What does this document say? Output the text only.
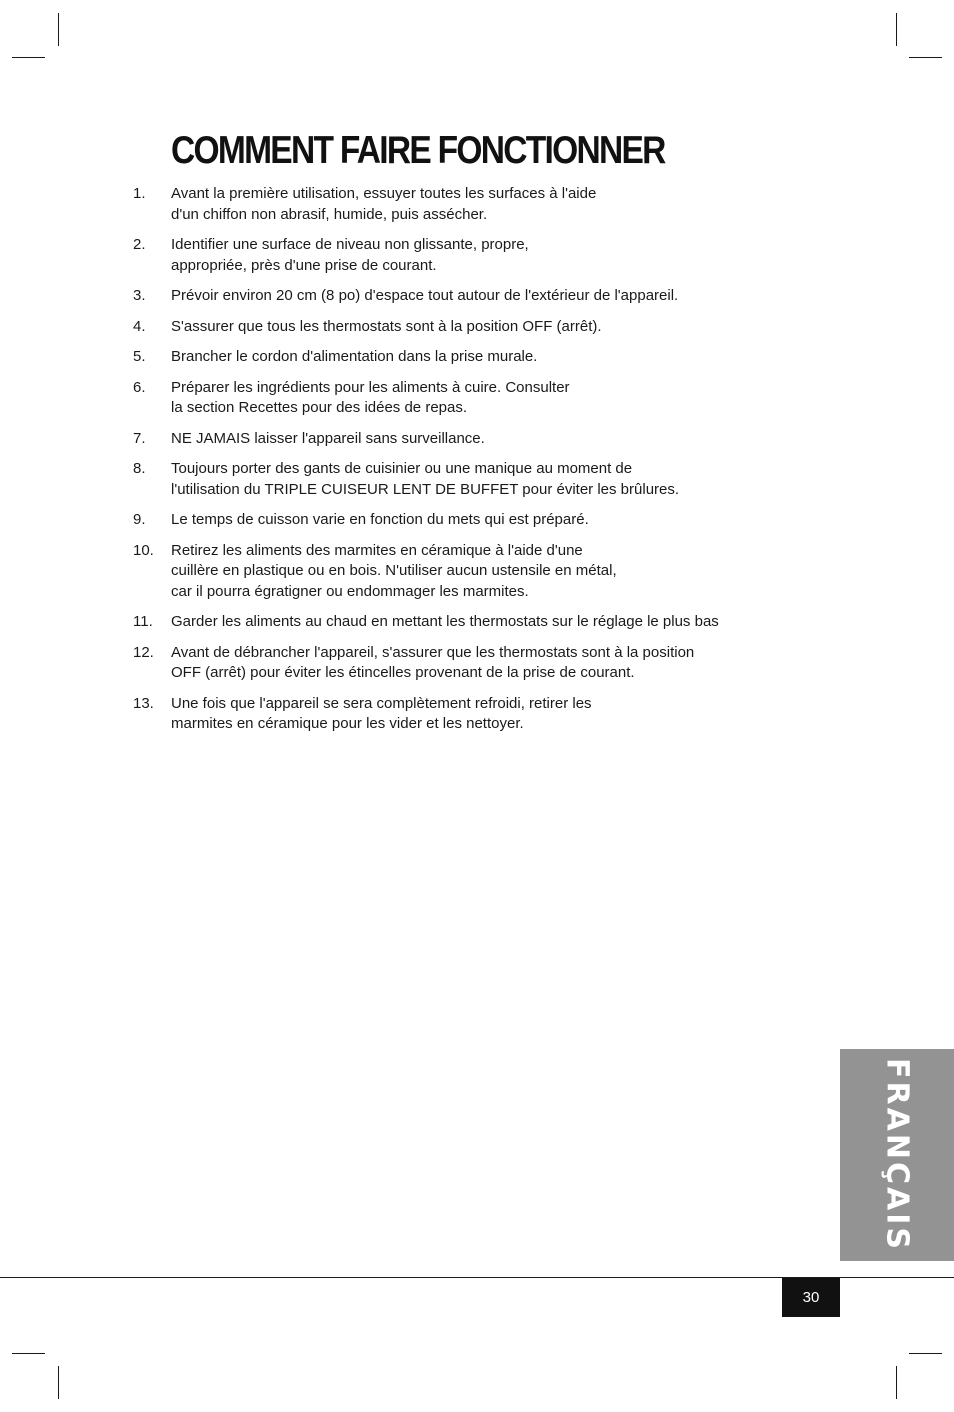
COMMENT FAIRE FONCTIONNER
1. Avant la première utilisation, essuyer toutes les surfaces à l'aide
d'un chiffon non abrasif, humide, puis assécher.
2. Identifier une surface de niveau non glissante, propre,
appropriée, près d'une prise de courant.
3. Prévoir environ 20 cm (8 po) d'espace tout autour de l'extérieur de l'appareil.
4. S'assurer que tous les thermostats sont à la position OFF (arrêt).
5. Brancher le cordon d'alimentation dans la prise murale.
6. Préparer les ingrédients pour les aliments à cuire. Consulter
la section Recettes pour des idées de repas.
7. NE JAMAIS laisser l'appareil sans surveillance.
8. Toujours porter des gants de cuisinier ou une manique au moment de
l'utilisation du TRIPLE CUISEUR LENT DE BUFFET pour éviter les brûlures.
9. Le temps de cuisson varie en fonction du mets qui est préparé.
10. Retirez les aliments des marmites en céramique à l'aide d'une
cuillère en plastique ou en bois. N'utiliser aucun ustensile en métal,
car il pourra égratigner ou endommager les marmites.
11. Garder les aliments au chaud en mettant les thermostats sur le réglage le plus bas
12. Avant de débrancher l'appareil, s'assurer que les thermostats sont à la position
OFF (arrêt) pour éviter les étincelles provenant de la prise de courant.
13. Une fois que l'appareil se sera complètement refroidi, retirer les
marmites en céramique pour les vider et les nettoyer.
FRANÇAIS
30
